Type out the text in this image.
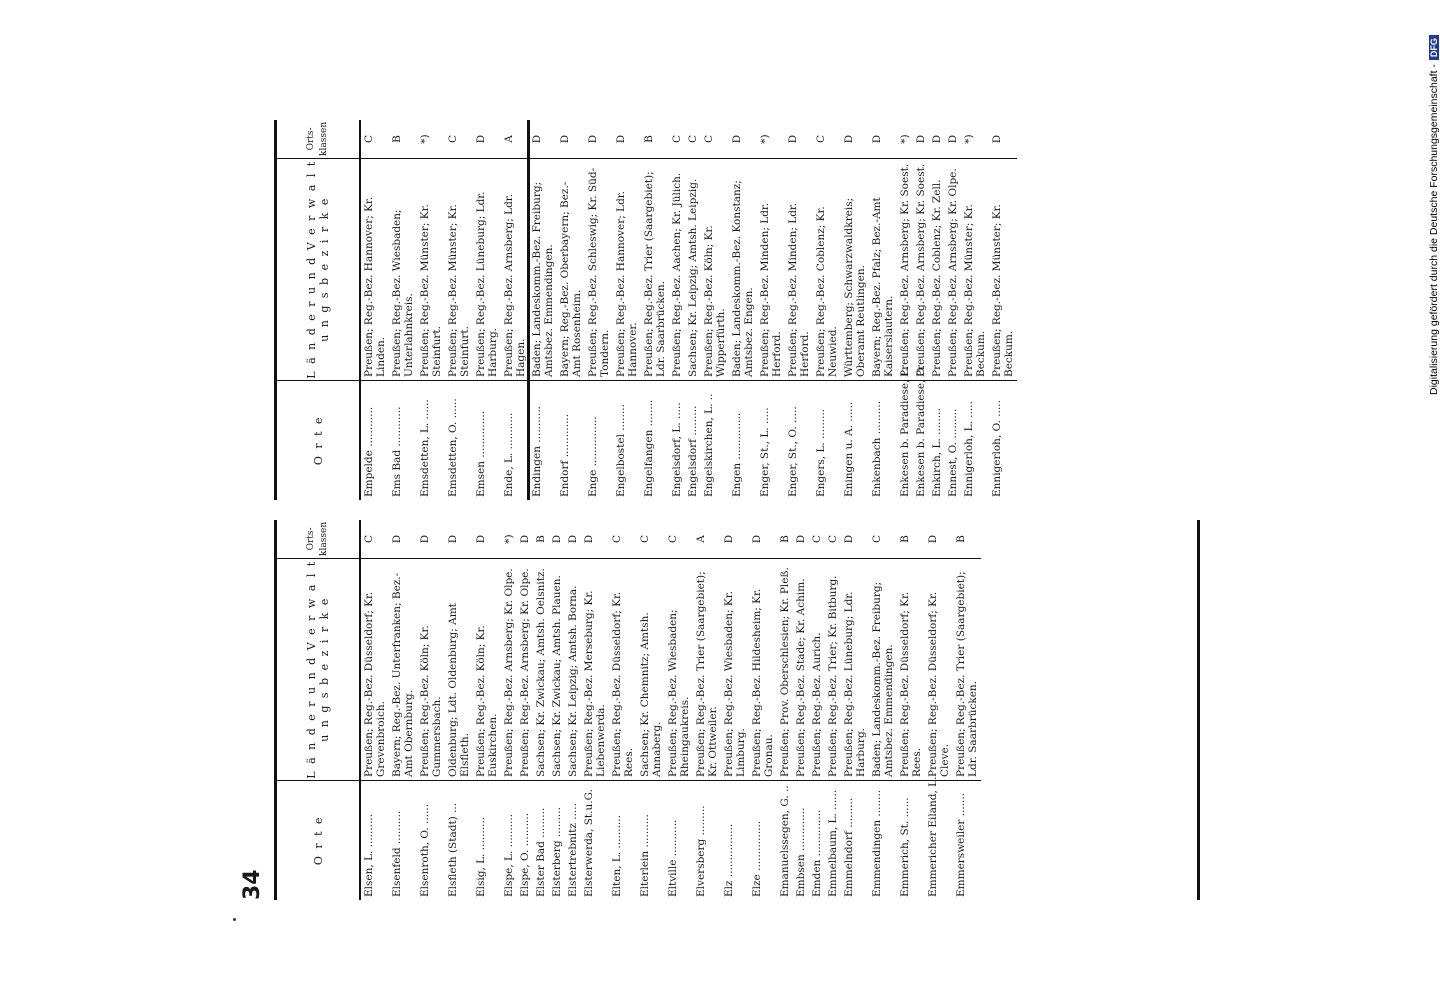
34
O r t e
L ä n d e r u n d V e r w a l t u n g s b e z i r k e
Orts-klassen
Elsen, L. ..........
Preußen; Reg.-Bez. Düsseldorf; Kr. Grevenbroich.
C
Elsenfeld ..........
Bayern; Reg.-Bez. Unterfranken; Bez.-Amt Obernburg.
D
Elsenroth, O. ......
Preußen; Reg.-Bez. Köln; Kr. Gummersbach.
D
Elsfleth (Stadt) ...
Oldenburg; Ldt. Oldenburg; Amt Elsfleth.
D
Elsig, L. ..........
Preußen; Reg.-Bez. Köln; Kr. Euskirchen.
D
Elspe, L. ..........
Preußen; Reg.-Bez. Arnsberg; Kr. Olpe.
*)
Elspe, O. ..........
Preußen; Reg.-Bez. Arnsberg; Kr. Olpe.
D
Elster Bad .........
Sachsen; Kr. Zwickau; Amtsh. Oelsnitz.
B
Elsterberg .........
Sachsen; Kr. Zwickau; Amtsh. Plauen.
D
Elstertrebnitz .....
Sachsen; Kr. Leipzig; Amtsh. Borna.
D
Elsterwerda, St.u.G.
Preußen; Reg.-Bez. Merseburg; Kr. Liebenwerda.
D
Elten, L. ..........
Preußen; Reg.-Bez. Düsseldorf; Kr. Rees.
C
Elterlein ..........
Sachsen; Kr. Chemnitz; Amtsh. Annaberg.
C
Eltville ...........
Preußen; Reg.-Bez. Wiesbaden; Rheingaukreis.
C
Elversberg .........
Preußen; Reg.-Bez. Trier (Saargebiet); Kr. Ottweiler.
A
Elz ................
Preußen; Reg.-Bez. Wiesbaden; Kr. Limburg.
D
Elze ...............
Preußen; Reg.-Bez. Hildesheim; Kr. Gronau.
D
Emanuelssegen, G. ..
Preußen; Prov. Oberschlesien; Kr. Pleß.
B
Embsen .............
Preußen; Reg.-Bez. Stade; Kr. Achim.
D
Emden ..............
Preußen; Reg.-Bez. Aurich.
C
Emmelbaum, L. ......
Preußen; Reg.-Bez. Trier; Kr. Bitburg.
C
Emmelndorf .........
Preußen; Reg.-Bez. Lüneburg; Ldr. Harburg.
D
Emmendingen ........
Baden; Landeskomm.-Bez. Freiburg; Amtsbez. Emmendingen.
C
Emmerich, St. ......
Preußen; Reg.-Bez. Düsseldorf; Kr. Rees.
B
Emmericher Eiland, L.
Preußen; Reg.-Bez. Düsseldorf; Kr. Cleve.
D
Emmersweiler .......
Preußen; Reg.-Bez. Trier (Saargebiet); Ldr. Saarbrücken.
B
O r t e
L ä n d e r u n d V e r w a l t u n g s b e z i r k e
Orts-klassen
Empelde ............
Preußen; Reg.-Bez. Hannover; Kr. Linden.
C
Ems Bad ............
Preußen; Reg.-Bez. Wiesbaden; Unterlahnkreis.
B
Emsdetten, L. ......
Preußen; Reg.-Bez. Münster; Kr. Steinfurt.
*)
Emsdetten, O. ......
Preußen; Reg.-Bez. Münster; Kr. Steinfurt.
C
Emsen ..............
Preußen; Reg.-Bez. Lüneburg; Ldr. Harburg.
D
Ende, L. ...........
Preußen; Reg.-Bez. Arnsberg; Ldr. Hagen.
A
Endingen ...........
Baden; Landeskomm.-Bez. Freiburg; Amtsbez. Emmendingen.
D
Endorf .............
Bayern; Reg.-Bez. Oberbayern; Bez.-Amt Rosenheim.
D
Enge ...............
Preußen; Reg.-Bez. Schleswig; Kr. Süd-Tondern.
D
Engelbostel ........
Preußen; Reg.-Bez. Hannover; Ldr. Hannover.
D
Engelfangen ........
Preußen; Reg.-Bez. Trier (Saargebiet); Ldr. Saarbrücken.
B
Engelsdorf, L. .....
Preußen; Reg.-Bez. Aachen; Kr. Jülich.
C
Engelsdorf .........
Sachsen; Kr. Leipzig; Amtsh. Leipzig.
C
Engelskirchen, L. ..
Preußen; Reg.-Bez. Köln; Kr. Wipperfürth.
C
Engen ..............
Baden; Landeskomm.-Bez. Konstanz; Amtsbez. Engen.
D
Enger, St., L. .....
Preußen; Reg.-Bez. Minden; Ldr. Herford.
*)
Enger, St., O. .....
Preußen; Reg.-Bez. Minden; Ldr. Herford.
D
Engers, L. .........
Preußen; Reg.-Bez. Coblenz; Kr. Neuwied.
C
Eningen u. A. ......
Württemberg; Schwarzwaldkreis; Oberamt Reutlingen.
D
Enkenbach ..........
Bayern; Reg.-Bez. Pfalz; Bez.-Amt Kaiserslautern.
D
Enkesen b. Paradiese, L.
Preußen; Reg.-Bez. Arnsberg; Kr. Soest.
*)
Enkesen b. Paradiese, O.
Preußen; Reg.-Bez. Arnsberg; Kr. Soest.
D
Enkirch, L. ........
Preußen; Reg.-Bez. Coblenz; Kr. Zell.
D
Ennest, O. .........
Preußen; Reg.-Bez. Arnsberg; Kr. Olpe.
D
Ennigerloh, L. .....
Preußen; Reg.-Bez. Münster; Kr. Beckum.
*)
Ennigerloh, O. .....
Preußen; Reg.-Bez. Münster; Kr. Beckum.
D	Digitalisierung gefördert durch die Deutsche Forschungsgemeinschaft -DFG
